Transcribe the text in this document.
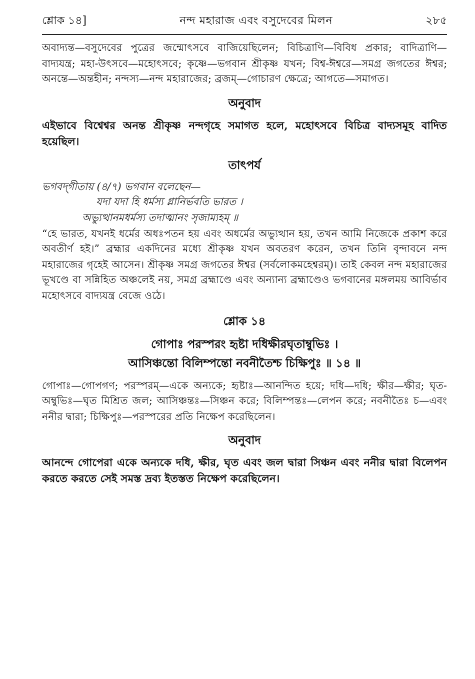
শ্লোক ১৪]	নন্দ মহারাজ এবং বসুদেবের মিলন	২৮৫

অবাদ্যন্ত—বসুদেবের পুত্রের জন্মোৎসবে বাজিয়েছিলেন; বিচিত্রাণি—বিবিধ প্রকার; বাদিত্রাণি—বাদ্যযন্ত্র; মহা-উৎসবে—মহোৎসবে; কৃষ্ণে—ভগবান শ্রীকৃষ্ণ যখন; বিশ্ব-ঈশ্বরে—সমগ্র জগতের ঈশ্বর; অনন্তে—অন্তহীন; নন্দস্য—নন্দ মহারাজের; ব্রজম্—গোচারণ ক্ষেত্রে; আগতে—সমাগত।

অনুবাদ

এইভাবে বিশ্বেশ্বর অনন্ত শ্রীকৃষ্ণ নন্দগৃহে সমাগত হলে, মহোৎসবে বিচিত্র বাদ্যসমূহ বাদিত হয়েছিল।

তাৎপর্য

ভগবদ্‌গীতায় (৪/৭) ভগবান বলেছেন—

যদা যদা হি ধর্মস্য গ্লানির্ভবতি ভারত ।

অভ্যুত্থানমধর্মস্য তদাত্মানং সৃজাম্যহম্ ॥

“হে ভারত, যখনই ধর্মের অধঃপতন হয় এবং অধর্মের অভ্যুত্থান হয়, তখন আমি নিজেকে প্রকাশ করে অবতীর্ণ হই।” ব্রহ্মার একদিনের মধ্যে শ্রীকৃষ্ণ যখন অবতরণ করেন, তখন তিনি বৃন্দাবনে নন্দ মহারাজের গৃহেই আসেন। শ্রীকৃষ্ণ সমগ্র জগতের ঈশ্বর (সর্বলোকমহেশ্বরম্)। তাই কেবল নন্দ মহারাজের ভূখণ্ডে বা সন্নিহিত অঞ্চলেই নয়, সমগ্র ব্রহ্মাণ্ডে এবং অন্যান্য ব্রহ্মাণ্ডেও ভগবানের মঙ্গলময় আবির্ভাব মহোৎসবে বাদ্যযন্ত্র বেজে ওঠে।

শ্লোক ১৪

গোপাঃ পরস্পরং হৃষ্টা দধিক্ষীরঘৃতাম্বুভিঃ ।

আসিঞ্চন্তো বিলিম্পন্তো নবনীতৈশ্চ চিক্ষিপুঃ ॥ ১৪ ॥

গোপাঃ—গোপগণ; পরস্পরম্—একে অন্যকে; হৃষ্টাঃ—আনন্দিত হয়ে; দধি—দধি; ক্ষীর—ক্ষীর; ঘৃত-অম্বুভিঃ—ঘৃত মিশ্রিত জল; আসিঞ্চন্তঃ—সিঞ্চন করে; বিলিম্পন্তঃ—লেপন করে; নবনীতৈঃ চ—এবং ননীর দ্বারা; চিক্ষিপুঃ—পরস্পরের প্রতি নিক্ষেপ করেছিলেন।

অনুবাদ

আনন্দে গোপেরা একে অন্যকে দধি, ক্ষীর, ঘৃত এবং জল দ্বারা সিঞ্চন এবং ননীর দ্বারা বিলেপন করতে করতে সেই সমস্ত দ্রব্য ইতস্তত নিক্ষেপ করেছিলেন।
